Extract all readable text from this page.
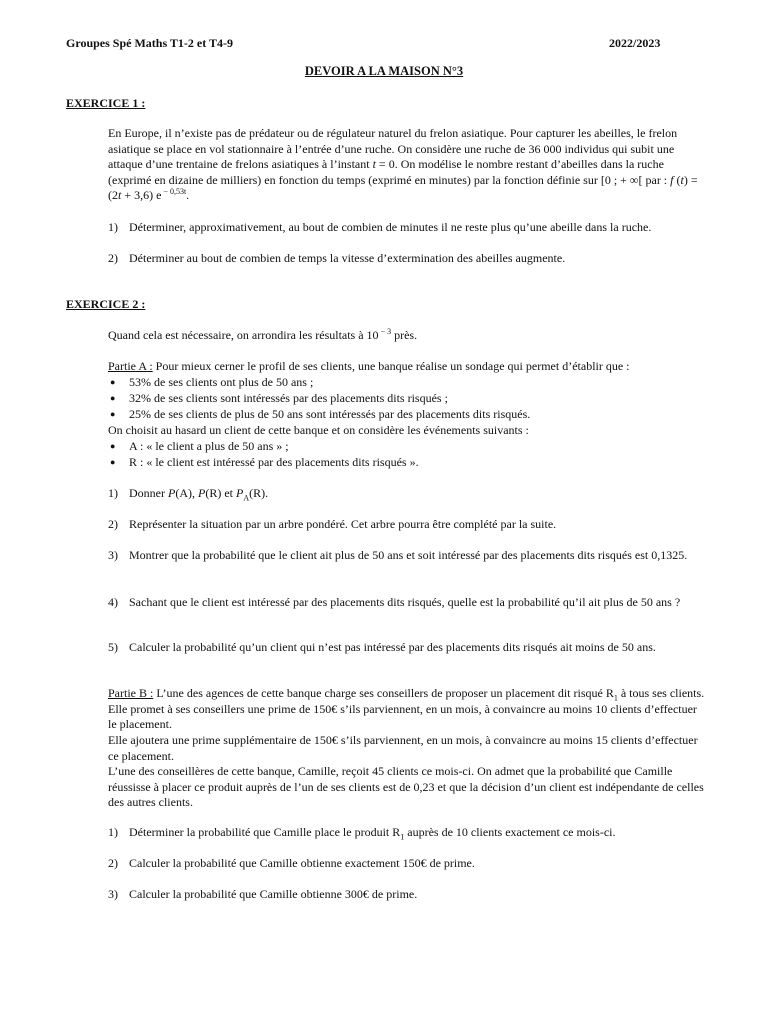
Groupes Spé Maths T1-2 et T4-9	2022/2023
DEVOIR A LA MAISON N°3
EXERCICE 1 :
En Europe, il n’existe pas de prédateur ou de régulateur naturel du frelon asiatique. Pour capturer les abeilles, le frelon asiatique se place en vol stationnaire à l’entrée d’une ruche. On considère une ruche de 36 000 individus qui subit une attaque d’une trentaine de frelons asiatiques à l’instant t = 0. On modélise le nombre restant d’abeilles dans la ruche (exprimé en dizaine de milliers) en fonction du temps (exprimé en minutes) par la fonction définie sur [0 ; + ∞[ par : f (t) = (2t + 3,6) e $^{- 0,53t}$.
1) Déterminer, approximativement, au bout de combien de minutes il ne reste plus qu’une abeille dans la ruche.
2) Déterminer au bout de combien de temps la vitesse d’extermination des abeilles augmente.
EXERCICE 2 :
Quand cela est nécessaire, on arrondira les résultats à 10 $^{- 3}$ près.
Partie A : Pour mieux cerner le profil de ses clients, une banque réalise un sondage qui permet d’établir que :
●	53% de ses clients ont plus de 50 ans ;
●	32% de ses clients sont intéressés par des placements dits risqués ;
●	25% de ses clients de plus de 50 ans sont intéressés par des placements dits risqués.
On choisit au hasard un client de cette banque et on considère les événements suivants :
●	A : « le client a plus de 50 ans » ;
●	R : « le client est intéressé par des placements dits risqués ».
1) Donner P(A), P(R) et $P_A(R)$.
2) Représenter la situation par un arbre pondéré. Cet arbre pourra être complété par la suite.
3) Montrer que la probabilité que le client ait plus de 50 ans et soit intéressé par des placements dits risqués est 0,1325.
4) Sachant que le client est intéressé par des placements dits risqués, quelle est la probabilité qu’il ait plus de 50 ans ?
5) Calculer la probabilité qu’un client qui n’est pas intéressé par des placements dits risqués ait moins de 50 ans.
Partie B : L’une des agences de cette banque charge ses conseillers de proposer un placement dit risqué $R_1$ à tous ses clients. Elle promet à ses conseillers une prime de 150€ s’ils parviennent, en un mois, à convaincre au moins 10 clients d’effectuer le placement.
Elle ajoutera une prime supplémentaire de 150€ s’ils parviennent, en un mois, à convaincre au moins 15 clients d’effectuer ce placement.
L’une des conseillères de cette banque, Camille, reçoit 45 clients ce mois-ci. On admet que la probabilité que Camille réussisse à placer ce produit auprès de l’un de ses clients est de 0,23 et que la décision d’un client est indépendante de celles des autres clients.
1) Déterminer la probabilité que Camille place le produit $R_1$ auprès de 10 clients exactement ce mois-ci.
2) Calculer la probabilité que Camille obtienne exactement 150€ de prime.
3) Calculer la probabilité que Camille obtienne 300€ de prime.
